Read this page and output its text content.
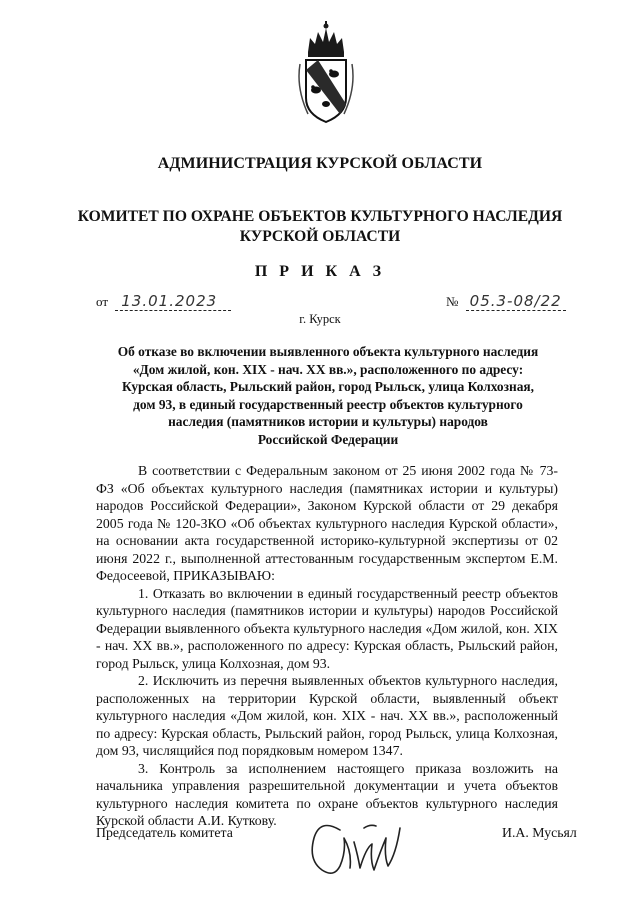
АДМИНИСТРАЦИЯ КУРСКОЙ ОБЛАСТИ
КОМИТЕТ ПО ОХРАНЕ ОБЪЕКТОВ КУЛЬТУРНОГО НАСЛЕДИЯ
КУРСКОЙ ОБЛАСТИ
П Р И К А З
от 13.01.2023	№ 05.3-08/22
г. Курск
Об отказе во включении выявленного объекта культурного наследия
«Дом жилой, кон. XIX - нач. XX вв.», расположенного по адресу:
Курская область, Рыльский район, город Рыльск, улица Колхозная,
дом 93, в единый государственный реестр объектов культурного
наследия (памятников истории и культуры) народов
Российской Федерации

В соответствии с Федеральным законом от 25 июня 2002 года № 73-ФЗ «Об объектах культурного наследия (памятниках истории и культуры) народов Российской Федерации», Законом Курской области от 29 декабря 2005 года № 120-ЗКО «Об объектах культурного наследия Курской области», на основании акта государственной историко-культурной экспертизы от 02 июня 2022 г., выполненной аттестованным государственным экспертом Е.М. Федосеевой, ПРИКАЗЫВАЮ:

1. Отказать во включении в единый государственный реестр объектов культурного наследия (памятников истории и культуры) народов Российской Федерации выявленного объекта культурного наследия «Дом жилой, кон. XIX - нач. XX вв.», расположенного по адресу: Курская область, Рыльский район, город Рыльск, улица Колхозная, дом 93.

2. Исключить из перечня выявленных объектов культурного наследия, расположенных на территории Курской области, выявленный объект культурного наследия «Дом жилой, кон. XIX - нач. XX вв.», расположенный по адресу: Курская область, Рыльский район, город Рыльск, улица Колхозная, дом 93, числящийся под порядковым номером 1347.

3. Контроль за исполнением настоящего приказа возложить на начальника управления разрешительной документации и учета объектов культурного наследия комитета по охране объектов культурного наследия Курской области А.И. Куткову.

Председатель комитета	И.А. Мусьял
